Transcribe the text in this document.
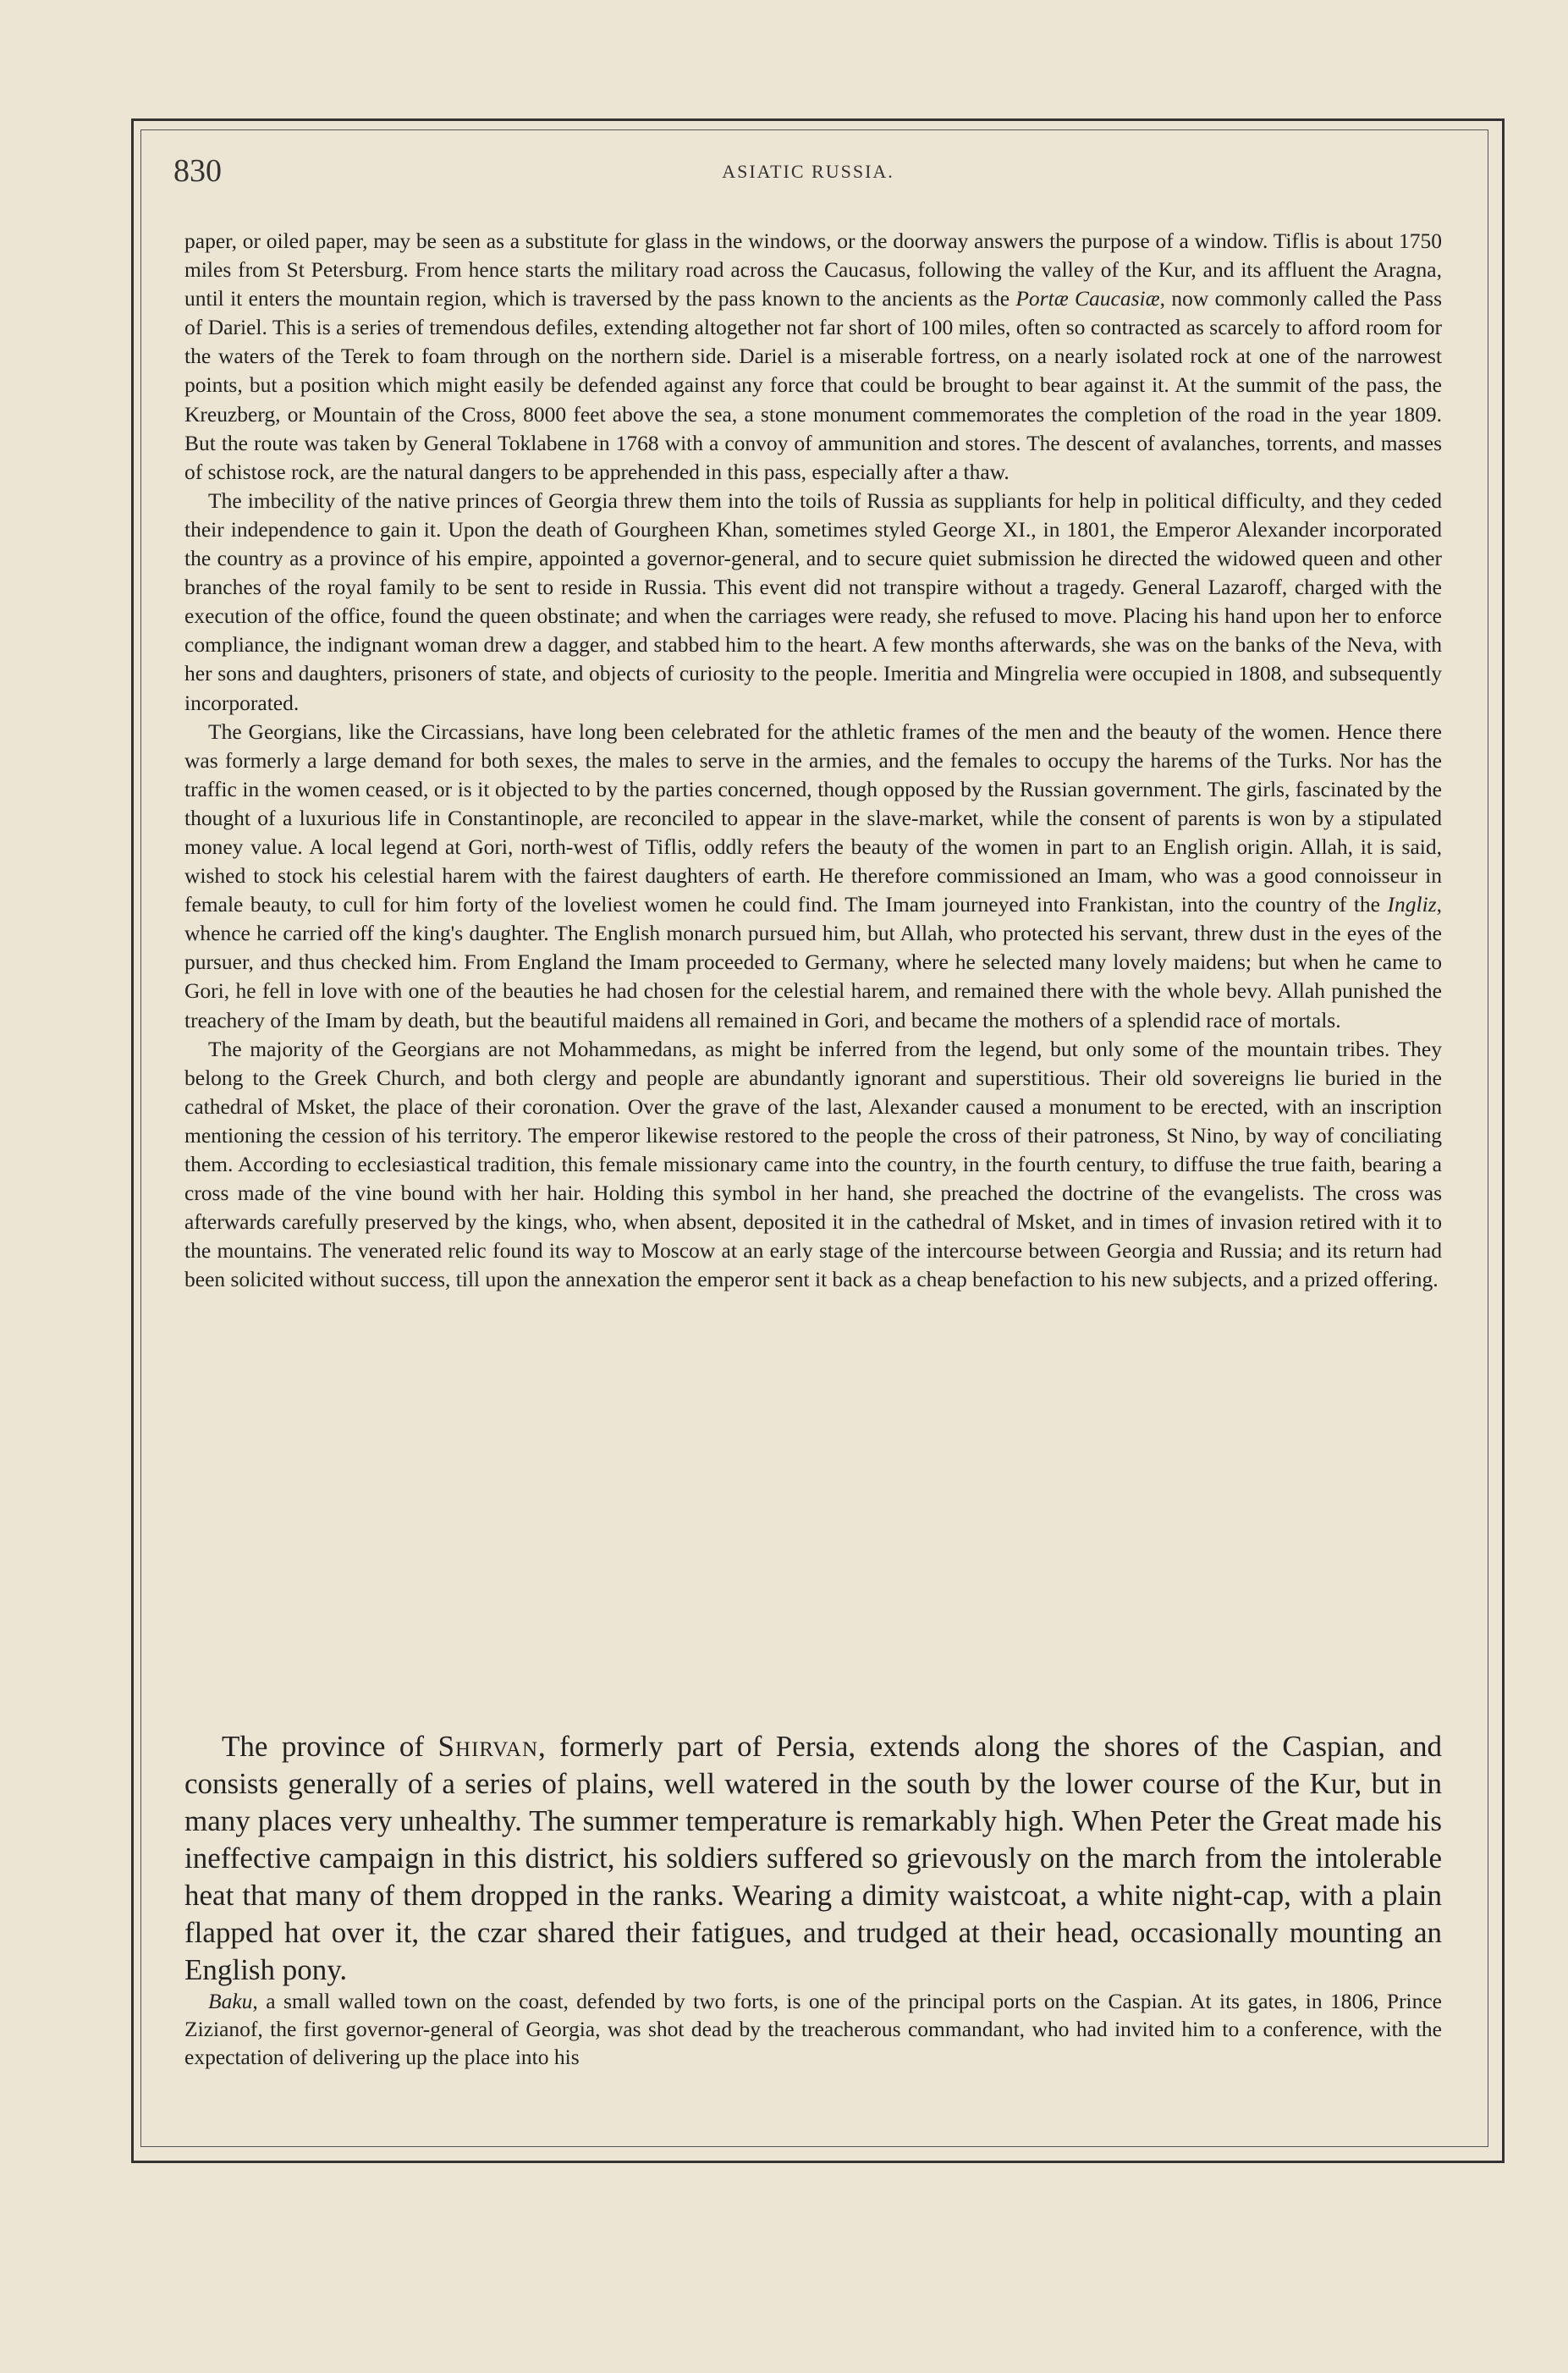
830	ASIATIC RUSSIA.

paper, or oiled paper, may be seen as a substitute for glass in the windows, or the doorway answers the purpose of a window. Tiflis is about 1750 miles from St Petersburg. From hence starts the military road across the Caucasus, following the valley of the Kur, and its affluent the Aragna, until it enters the mountain region, which is traversed by the pass known to the ancients as the Portæ Caucasiæ, now commonly called the Pass of Dariel. This is a series of tremendous defiles, extending altogether not far short of 100 miles, often so contracted as scarcely to afford room for the waters of the Terek to foam through on the northern side. Dariel is a miserable fortress, on a nearly isolated rock at one of the narrowest points, but a position which might easily be defended against any force that could be brought to bear against it. At the summit of the pass, the Kreuzberg, or Mountain of the Cross, 8000 feet above the sea, a stone monument commemorates the completion of the road in the year 1809. But the route was taken by General Toklabene in 1768 with a convoy of ammunition and stores. The descent of avalanches, torrents, and masses of schistose rock, are the natural dangers to be apprehended in this pass, especially after a thaw.

The imbecility of the native princes of Georgia threw them into the toils of Russia as suppliants for help in political difficulty, and they ceded their independence to gain it. Upon the death of Gourgheen Khan, sometimes styled George XI., in 1801, the Emperor Alexander incorporated the country as a province of his empire, appointed a governor-general, and to secure quiet submission he directed the widowed queen and other branches of the royal family to be sent to reside in Russia. This event did not transpire without a tragedy. General Lazaroff, charged with the execution of the office, found the queen obstinate; and when the carriages were ready, she refused to move. Placing his hand upon her to enforce compliance, the indignant woman drew a dagger, and stabbed him to the heart. A few months afterwards, she was on the banks of the Neva, with her sons and daughters, prisoners of state, and objects of curiosity to the people. Imeritia and Mingrelia were occupied in 1808, and subsequently incorporated.

The Georgians, like the Circassians, have long been celebrated for the athletic frames of the men and the beauty of the women. Hence there was formerly a large demand for both sexes, the males to serve in the armies, and the females to occupy the harems of the Turks. Nor has the traffic in the women ceased, or is it objected to by the parties concerned, though opposed by the Russian government. The girls, fascinated by the thought of a luxurious life in Constantinople, are reconciled to appear in the slave-market, while the consent of parents is won by a stipulated money value. A local legend at Gori, north-west of Tiflis, oddly refers the beauty of the women in part to an English origin. Allah, it is said, wished to stock his celestial harem with the fairest daughters of earth. He therefore commissioned an Imam, who was a good connoisseur in female beauty, to cull for him forty of the loveliest women he could find. The Imam journeyed into Frankistan, into the country of the Ingliz, whence he carried off the king's daughter. The English monarch pursued him, but Allah, who protected his servant, threw dust in the eyes of the pursuer, and thus checked him. From England the Imam proceeded to Germany, where he selected many lovely maidens; but when he came to Gori, he fell in love with one of the beauties he had chosen for the celestial harem, and remained there with the whole bevy. Allah punished the treachery of the Imam by death, but the beautiful maidens all remained in Gori, and became the mothers of a splendid race of mortals.

The majority of the Georgians are not Mohammedans, as might be inferred from the legend, but only some of the mountain tribes. They belong to the Greek Church, and both clergy and people are abundantly ignorant and superstitious. Their old sovereigns lie buried in the cathedral of Msket, the place of their coronation. Over the grave of the last, Alexander caused a monument to be erected, with an inscription mentioning the cession of his territory. The emperor likewise restored to the people the cross of their patroness, St Nino, by way of conciliating them. According to ecclesiastical tradition, this female missionary came into the country, in the fourth century, to diffuse the true faith, bearing a cross made of the vine bound with her hair. Holding this symbol in her hand, she preached the doctrine of the evangelists. The cross was afterwards carefully preserved by the kings, who, when absent, deposited it in the cathedral of Msket, and in times of invasion retired with it to the mountains. The venerated relic found its way to Moscow at an early stage of the intercourse between Georgia and Russia; and its return had been solicited without success, till upon the annexation the emperor sent it back as a cheap benefaction to his new subjects, and a prized offering.

The province of Shirvan, formerly part of Persia, extends along the shores of the Caspian, and consists generally of a series of plains, well watered in the south by the lower course of the Kur, but in many places very unhealthy. The summer temperature is remarkably high. When Peter the Great made his ineffective campaign in this district, his soldiers suffered so grievously on the march from the intolerable heat that many of them dropped in the ranks. Wearing a dimity waistcoat, a white night-cap, with a plain flapped hat over it, the czar shared their fatigues, and trudged at their head, occasionally mounting an English pony.

Baku, a small walled town on the coast, defended by two forts, is one of the principal ports on the Caspian. At its gates, in 1806, Prince Zizianof, the first governor-general of Georgia, was shot dead by the treacherous commandant, who had invited him to a conference, with the expectation of delivering up the place into his
